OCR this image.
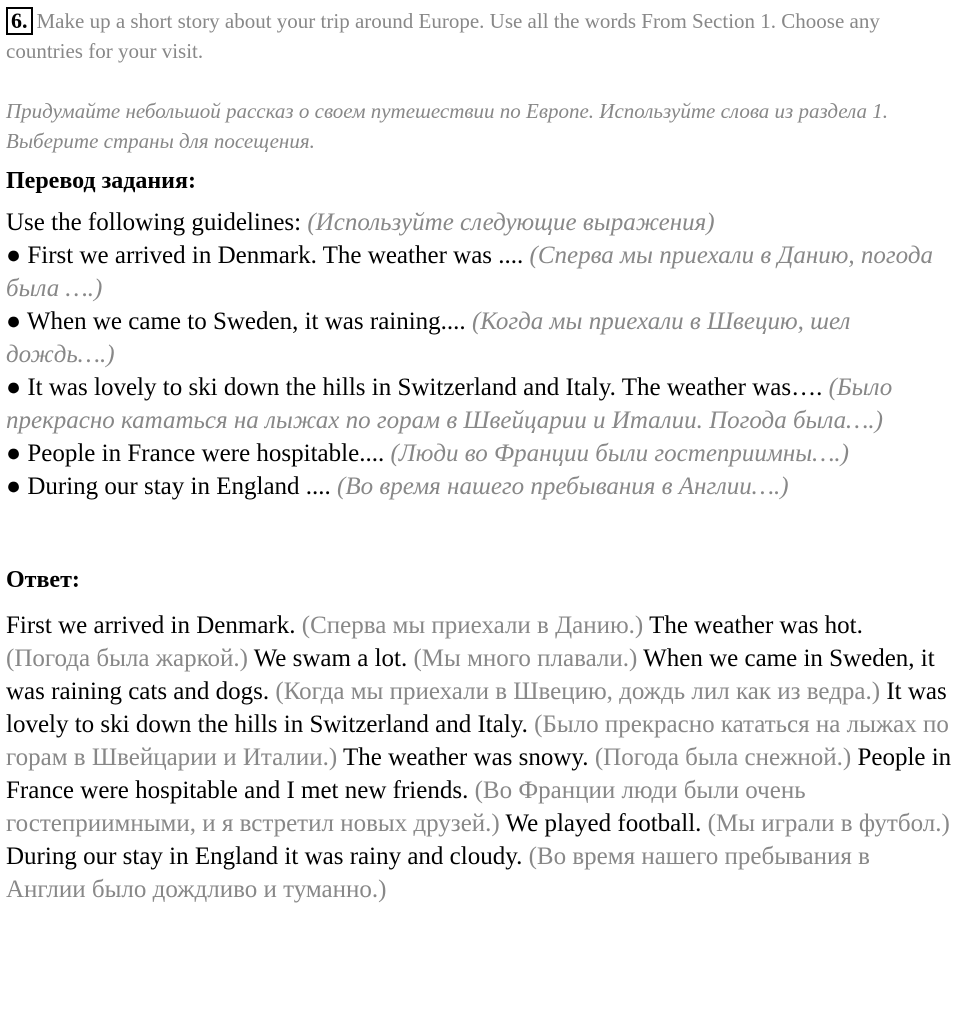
6. Make up a short story about your trip around Europe. Use all the words From Section 1. Choose any countries for your visit.
Придумайте небольшой рассказ о своем путешествии по Европе. Используйте слова из раздела 1. Выберите страны для посещения.
Перевод задания:
Use the following guidelines: (Используйте следующие выражения)
● First we arrived in Denmark. The weather was .... (Сперва мы приехали в Данию, погода была ….)
● When we came to Sweden, it was raining.... (Когда мы приехали в Швецию, шел дождь….)
● It was lovely to ski down the hills in Switzerland and Italy. The weather was…. (Было прекрасно кататься на лыжах по горам в Швейцарии и Италии. Погода была….)
● People in France were hospitable.... (Люди во Франции были гостеприимны….)
● During our stay in England .... (Во время нашего пребывания в Англии….)
Ответ:
First we arrived in Denmark. (Сперва мы приехали в Данию.) The weather was hot. (Погода была жаркой.) We swam a lot. (Мы много плавали.) When we came in Sweden, it was raining cats and dogs. (Когда мы приехали в Швецию, дождь лил как из ведра.) It was lovely to ski down the hills in Switzerland and Italy. (Было прекрасно кататься на лыжах по горам в Швейцарии и Италии.) The weather was snowy. (Погода была снежной.) People in France were hospitable and I met new friends. (Во Франции люди были очень гостеприимными, и я встретил новых друзей.) We played football. (Мы играли в футбол.) During our stay in England it was rainy and cloudy. (Во время нашего пребывания в Англии было дождливо и туманно.)
